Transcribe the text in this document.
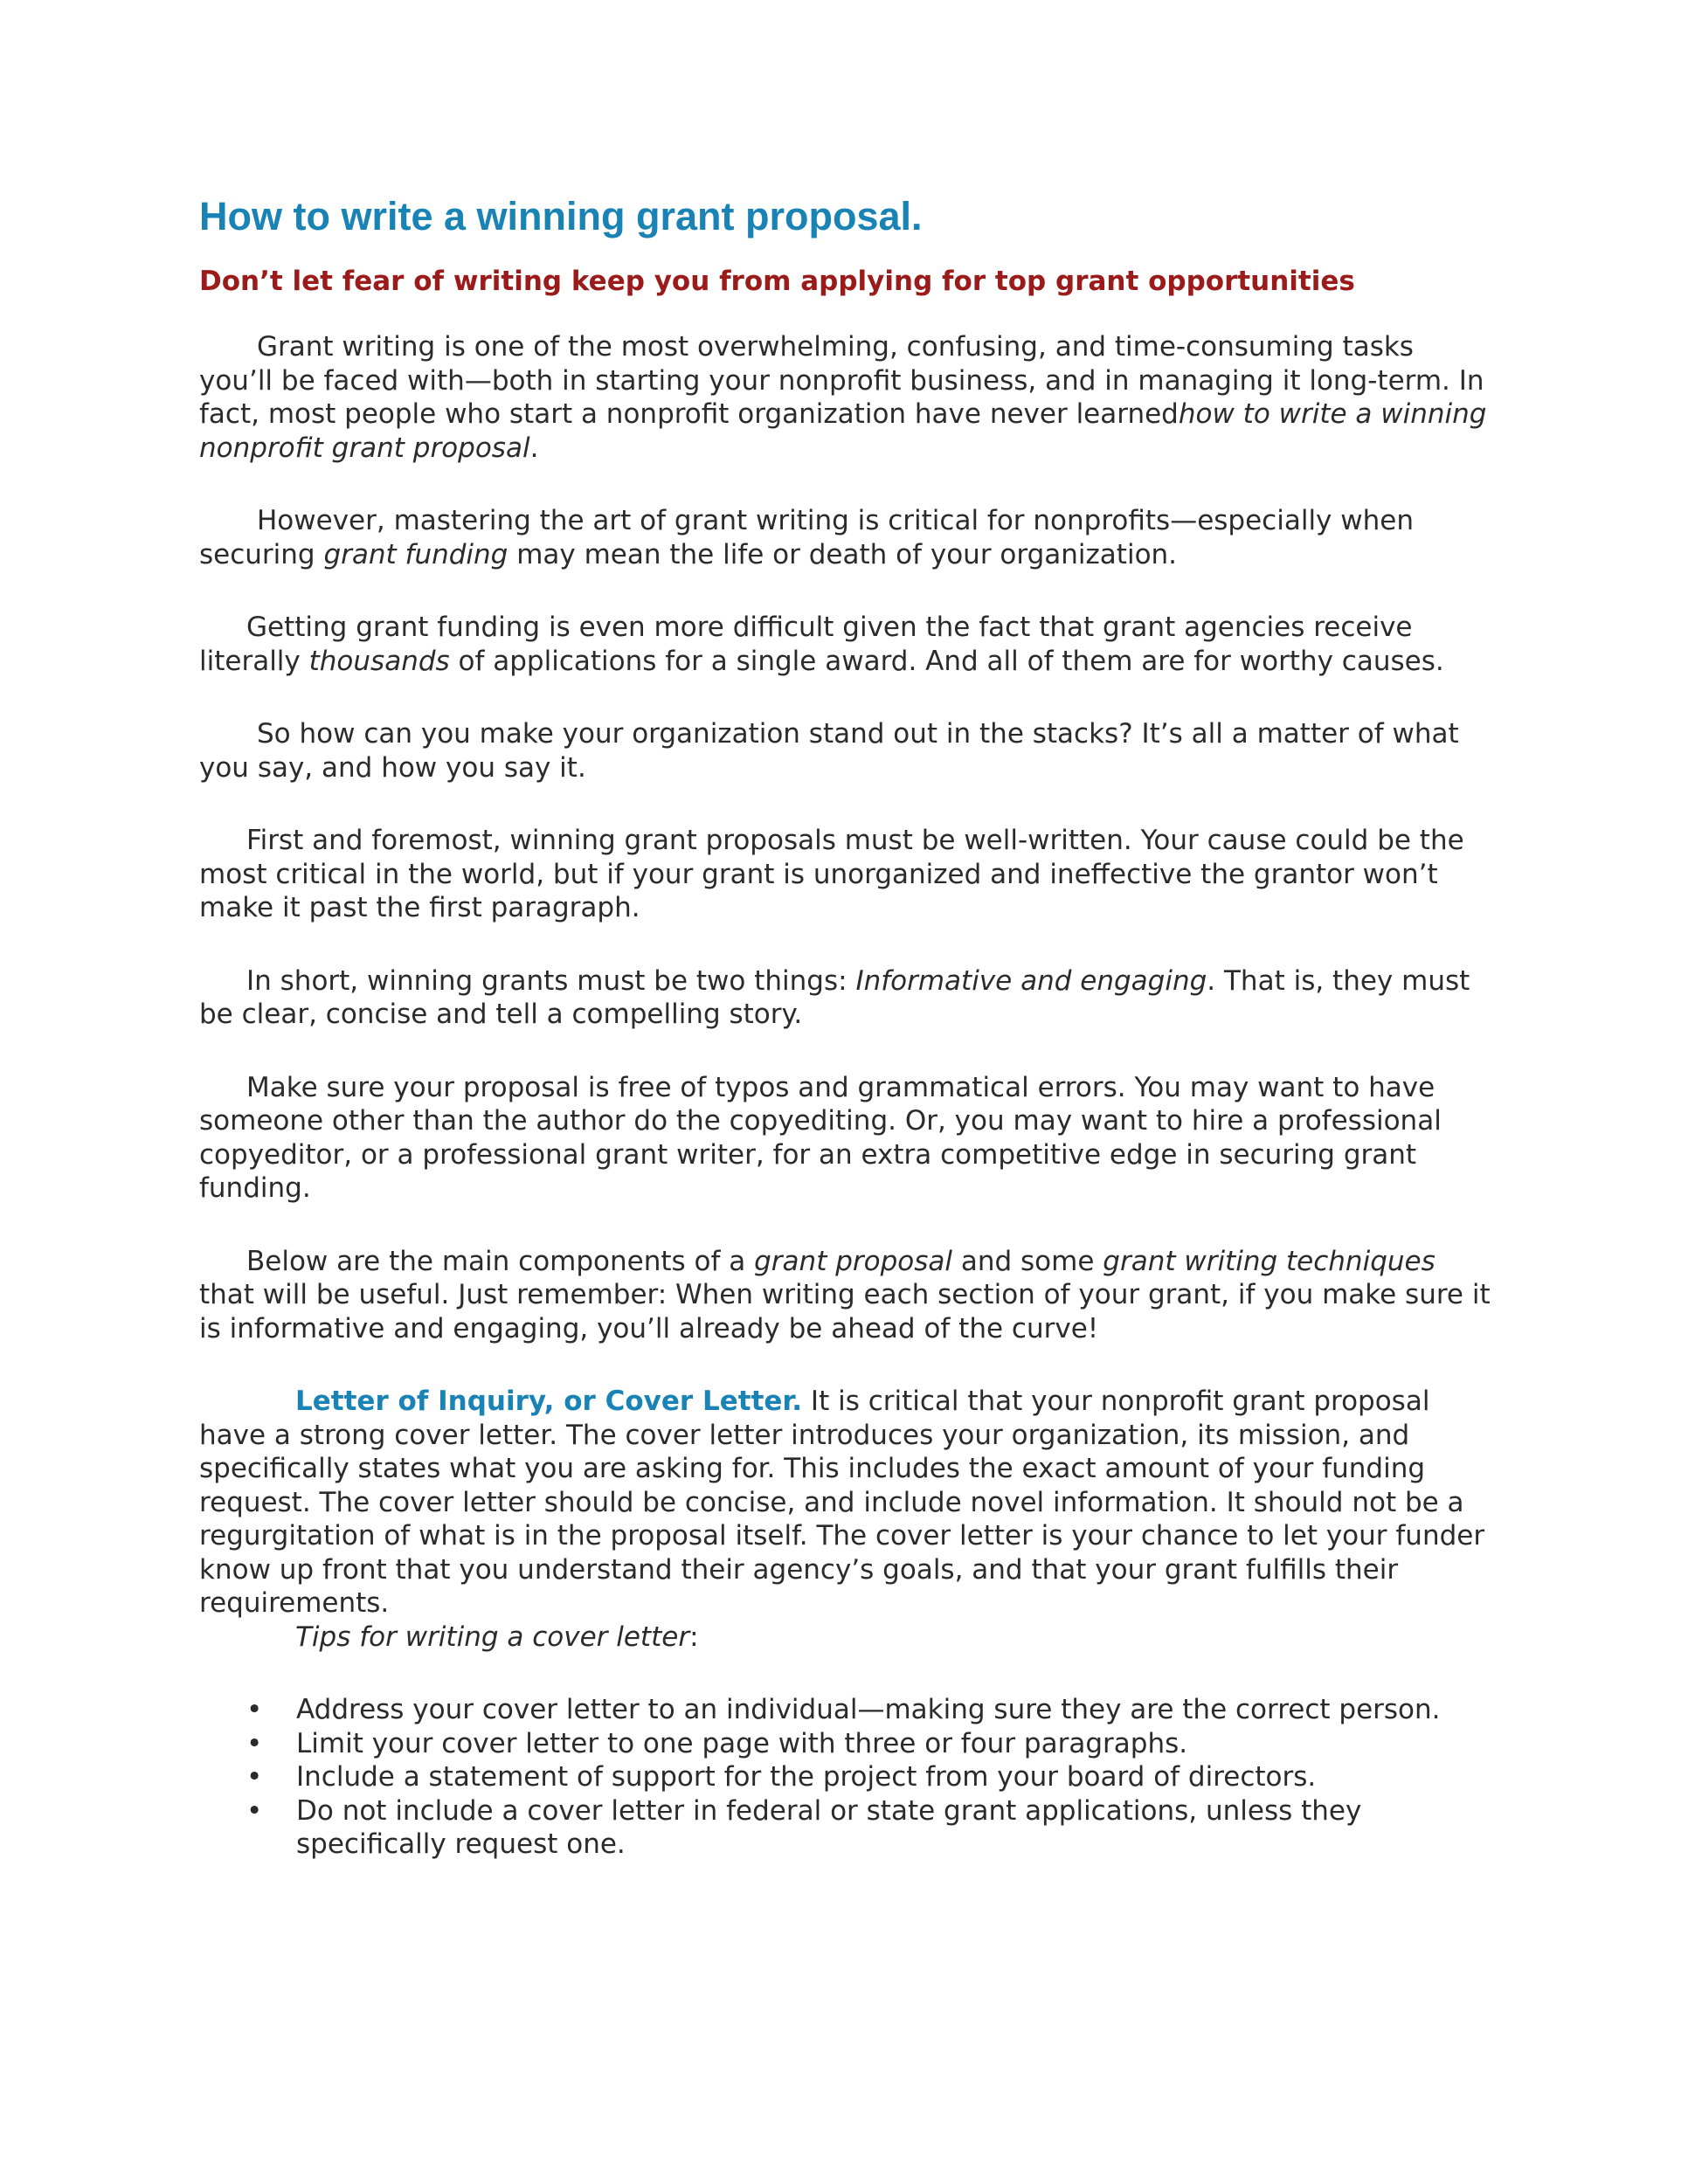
How to write a winning grant proposal.
Don’t let fear of writing keep you from applying for top grant opportunities

Grant writing is one of the most overwhelming, confusing, and time-consuming tasks you’ll be faced with—both in starting your nonprofit business, and in managing it long-term. In fact, most people who start a nonprofit organization have never learnedhow to write a winning nonprofit grant proposal.

However, mastering the art of grant writing is critical for nonprofits—especially when securing grant funding may mean the life or death of your organization.

Getting grant funding is even more difficult given the fact that grant agencies receive literally thousands of applications for a single award. And all of them are for worthy causes.

So how can you make your organization stand out in the stacks? It’s all a matter of what you say, and how you say it.

First and foremost, winning grant proposals must be well-written. Your cause could be the most critical in the world, but if your grant is unorganized and ineffective the grantor won’t make it past the first paragraph.

In short, winning grants must be two things: Informative and engaging. That is, they must be clear, concise and tell a compelling story.

Make sure your proposal is free of typos and grammatical errors. You may want to have someone other than the author do the copyediting. Or, you may want to hire a professional copyeditor, or a professional grant writer, for an extra competitive edge in securing grant funding.

Below are the main components of a grant proposal and some grant writing techniques that will be useful. Just remember: When writing each section of your grant, if you make sure it is informative and engaging, you’ll already be ahead of the curve!

Letter of Inquiry, or Cover Letter. It is critical that your nonprofit grant proposal have a strong cover letter. The cover letter introduces your organization, its mission, and specifically states what you are asking for. This includes the exact amount of your funding request. The cover letter should be concise, and include novel information. It should not be a regurgitation of what is in the proposal itself. The cover letter is your chance to let your funder know up front that you understand their agency’s goals, and that your grant fulfills their requirements.

Tips for writing a cover letter:

• Address your cover letter to an individual—making sure they are the correct person.
• Limit your cover letter to one page with three or four paragraphs.
• Include a statement of support for the project from your board of directors.
• Do not include a cover letter in federal or state grant applications, unless they specifically request one.
